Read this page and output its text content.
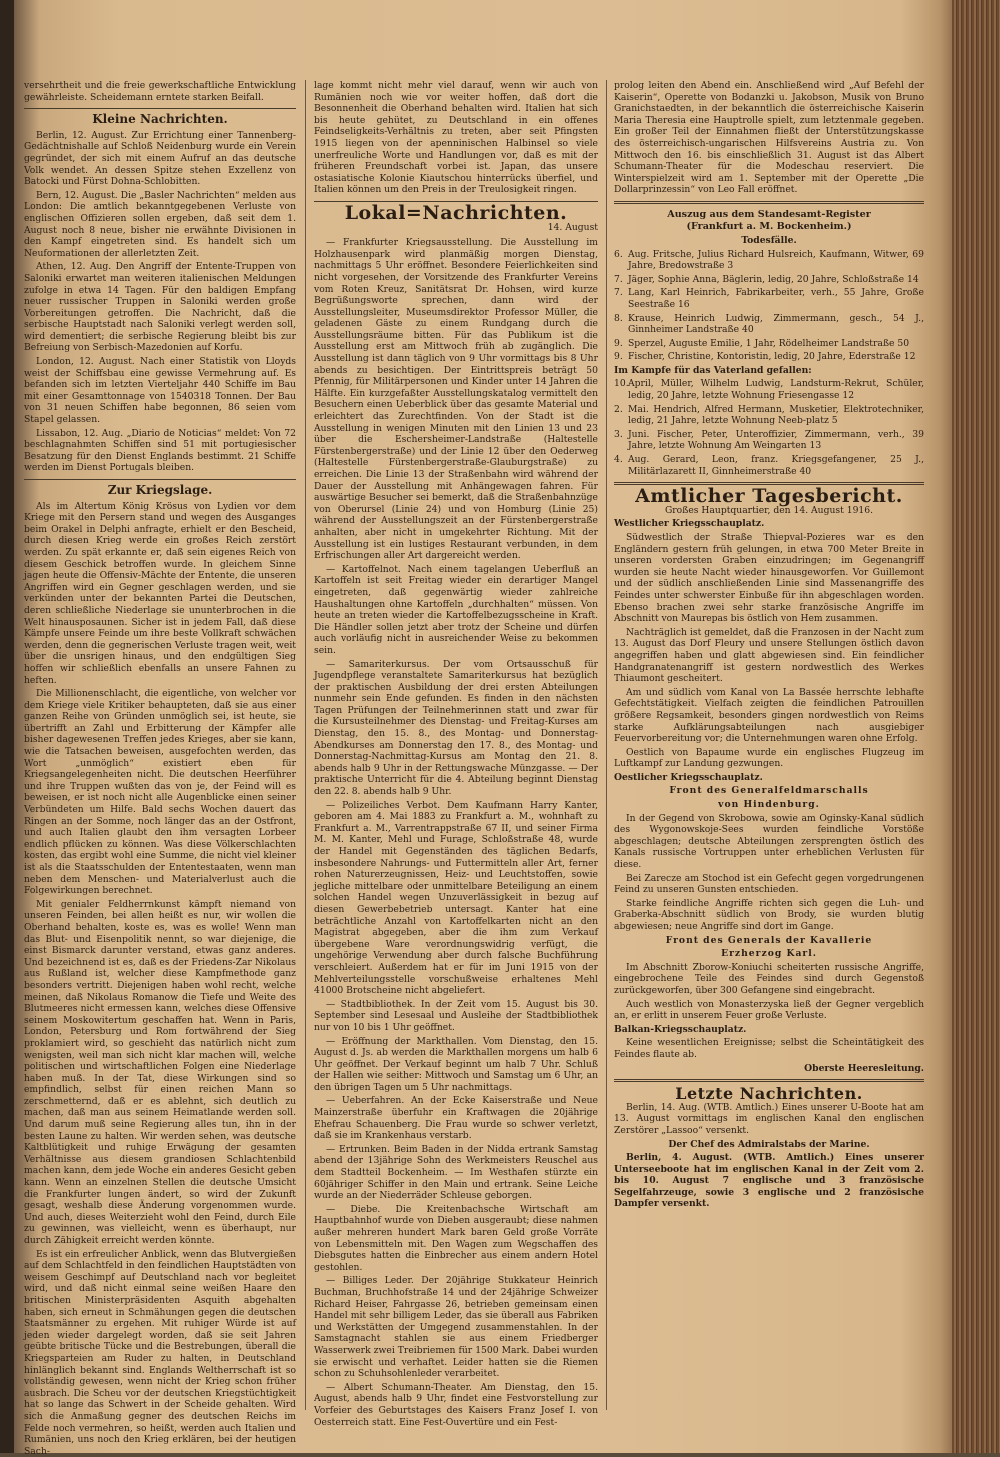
versehrtheit und die freie gewerkschaftliche Entwicklung gewährleiste. Scheidemann erntete starken Beifall.

Kleine Nachrichten.

Berlin, 12. August. Zur Errichtung einer Tannenberg-Gedächtnishalle auf Schloß Neidenburg wurde ein Verein gegründet, der sich mit einem Aufruf an das deutsche Volk wendet. An dessen Spitze stehen Exzellenz von Batocki und Fürst Dohna-Schlobitten.

Bern, 12. August. Die „Basler Nachrichten“ melden aus London: Die amtlich bekanntgegebenen Verluste von englischen Offizieren sollen ergeben, daß seit dem 1. August noch 8 neue, bisher nie erwähnte Divisionen in den Kampf eingetreten sind. Es handelt sich um Neuformationen der allerletzten Zeit.

Athen, 12. Aug. Den Angriff der Entente-Truppen von Saloniki erwartet man weiteren italienischen Meldungen zufolge in etwa 14 Tagen. Für den baldigen Empfang neuer russischer Truppen in Saloniki werden große Vorbereitungen getroffen. Die Nachricht, daß die serbische Hauptstadt nach Saloniki verlegt werden soll, wird dementiert; die serbische Regierung bleibt bis zur Befreiung von Serbisch-Mazedonien auf Korfu.

London, 12. August. Nach einer Statistik von Lloyds weist der Schiffsbau eine gewisse Vermehrung auf. Es befanden sich im letzten Vierteljahr 440 Schiffe im Bau mit einer Gesamttonnage von 1540318 Tonnen. Der Bau von 31 neuen Schiffen habe begonnen, 86 seien vom Stapel gelassen.

Lissabon, 12. Aug. „Diario de Noticias“ meldet: Von 72 beschlagnahmten Schiffen sind 51 mit portugiesischer Besatzung für den Dienst Englands bestimmt. 21 Schiffe werden im Dienst Portugals bleiben.

Zur Kriegslage.

Als im Altertum König Krösus von Lydien vor dem Kriege mit den Persern stand und wegen des Ausganges beim Orakel in Delphi anfragte, erhielt er den Bescheid, durch diesen Krieg werde ein großes Reich zerstört werden. Zu spät erkannte er, daß sein eigenes Reich von diesem Geschick betroffen wurde. In gleichem Sinne jagen heute die Offensiv-Mächte der Entente, die unseren Angriffen wird ein Gegner geschlagen werden, und sie verkünden unter der bekannten Partei die Deutschen, deren schließliche Niederlage sie ununterbrochen in die Welt hinausposaunen. Sicher ist in jedem Fall, daß diese Kämpfe unsere Feinde um ihre beste Vollkraft schwächen werden, denn die gegnerischen Verluste tragen weit, weit über die unsrigen hinaus, und den endgültigen Sieg hoffen wir schließlich ebenfalls an unsere Fahnen zu heften.

Die Millionenschlacht, die eigentliche, von welcher vor dem Kriege viele Kritiker behaupteten, daß sie aus einer ganzen Reihe von Gründen unmöglich sei, ist heute, sie übertrifft an Zahl und Erbitterung der Kämpfer alle bisher dagewesenen Treffen jedes Krieges, aber sie kann, wie die Tatsachen beweisen, ausgefochten werden, das Wort „unmöglich“ existiert eben für Kriegsangelegenheiten nicht. Die deutschen Heerführer und ihre Truppen wußten das von je, der Feind will es beweisen, er ist noch nicht alle Augenblicke einen seiner Verbündeten um Hilfe. Bald sechs Wochen dauert das Ringen an der Somme, noch länger das an der Ostfront, und auch Italien glaubt den ihm versagten Lorbeer endlich pflücken zu können. Was diese Völkerschlachten kosten, das ergibt wohl eine Summe, die nicht viel kleiner ist als die Staatsschulden der Ententestaaten, wenn man neben dem Menschen- und Materialverlust auch die Folgewirkungen berechnet.

Mit genialer Feldherrnkunst kämpft niemand von unseren Feinden, bei allen heißt es nur, wir wollen die Oberhand behalten, koste es, was es wolle! Wenn man das Blut- und Eisenpolitik nennt, so war diejenige, die einst Bismarck darunter verstand, etwas ganz anderes. Und bezeichnend ist es, daß es der Friedens-Zar Nikolaus aus Rußland ist, welcher diese Kampfmethode ganz besonders vertritt. Diejenigen haben wohl recht, welche meinen, daß Nikolaus Romanow die Tiefe und Weite des Blutmeeres nicht ermessen kann, welches diese Offensive seinem Moskowitertum geschaffen hat. Wenn in Paris, London, Petersburg und Rom fortwährend der Sieg proklamiert wird, so geschieht das natürlich nicht zum wenigsten, weil man sich nicht klar machen will, welche politischen und wirtschaftlichen Folgen eine Niederlage haben muß. In der Tat, diese Wirkungen sind so empfindlich, selbst für einen reichen Mann so zerschmetternd, daß er es ablehnt, sich deutlich zu machen, daß man aus seinem Heimatlande werden soll. Und darum muß seine Regierung alles tun, ihn in der besten Laune zu halten. Wir werden sehen, was deutsche Kaltblütigkeit und ruhige Erwägung der gesamten Verhältnisse aus diesem grandiosen Schlachtenbild machen kann, dem jede Woche ein anderes Gesicht geben kann. Wenn an einzelnen Stellen die deutsche Umsicht die Frankfurter lungen ändert, so wird der Zukunft gesagt, weshalb diese Änderung vorgenommen wurde. Und auch, dieses Weiterzieht wohl den Feind, durch Eile zu gewinnen, was vielleicht, wenn es überhaupt, nur durch Zähigkeit erreicht werden könnte.

Es ist ein erfreulicher Anblick, wenn das Blutvergießen auf dem Schlachtfeld in den feindlichen Hauptstädten von weisem Geschimpf auf Deutschland nach vor begleitet wird, und daß nicht einmal seine weißen Haare den britischen Ministerpräsidenten Asquith abgehalten haben, sich erneut in Schmähungen gegen die deutschen Staatsmänner zu ergehen. Mit ruhiger Würde ist auf jeden wieder dargelegt worden, daß sie seit Jahren geübte britische Tücke und die Bestrebungen, überall die Kriegsparteien am Ruder zu halten, in Deutschland hinlänglich bekannt sind. Englands Weltherrschaft ist so vollständig gewesen, wenn nicht der Krieg schon früher ausbrach. Die Scheu vor der deutschen Kriegstüchtigkeit hat so lange das Schwert in der Scheide gehalten. Wird sich die Anmaßung gegner des deutschen Reichs im Felde noch vermehren, so heißt, werden auch Italien und Rumänien, uns noch den Krieg erklären, bei der heutigen Sach-

lage kommt nicht mehr viel darauf, wenn wir auch von Rumänien noch wie vor weiter hoffen, daß dort die Besonnenheit die Oberhand behalten wird. Italien hat sich bis heute gehütet, zu Deutschland in ein offenes Feindseligkeits-Verhältnis zu treten, aber seit Pfingsten 1915 liegen von der apenninischen Halbinsel so viele unerfreuliche Worte und Handlungen vor, daß es mit der früheren Freundschaft vorbei ist. Japan, das unsere ostasiatische Kolonie Kiautschou hinterrücks überfiel, und Italien können um den Preis in der Treulosigkeit ringen.

Lokal=Nachrichten.
14. August

— Frankfurter Kriegsausstellung. Die Ausstellung im Holzhausenpark wird planmäßig morgen Dienstag, nachmittags 5 Uhr eröffnet. Besondere Feierlichkeiten sind nicht vorgesehen, der Vorsitzende des Frankfurter Vereins vom Roten Kreuz, Sanitätsrat Dr. Hohsen, wird kurze Begrüßungsworte sprechen, dann wird der Ausstellungsleiter, Museumsdirektor Professor Müller, die geladenen Gäste zu einem Rundgang durch die Ausstellungsräume bitten. Für das Publikum ist die Ausstellung erst am Mittwoch früh ab zugänglich. Die Ausstellung ist dann täglich von 9 Uhr vormittags bis 8 Uhr abends zu besichtigen. Der Eintrittspreis beträgt 50 Pfennig, für Militärpersonen und Kinder unter 14 Jahren die Hälfte. Ein kurzgefaßter Ausstellungskatalog vermittelt den Besuchern einen Ueberblick über das gesamte Material und erleichtert das Zurechtfinden. Von der Stadt ist die Ausstellung in wenigen Minuten mit den Linien 13 und 23 über die Eschersheimer-Landstraße (Haltestelle Fürstenbergerstraße) und der Linie 12 über den Oederweg (Haltestelle Fürstenbergerstraße-Glauburgstraße) zu erreichen. Die Linie 13 der Straßenbahn wird während der Dauer der Ausstellung mit Anhängewagen fahren. Für auswärtige Besucher sei bemerkt, daß die Straßenbahnzüge von Oberursel (Linie 24) und von Homburg (Linie 25) während der Ausstellungszeit an der Fürstenbergerstraße anhalten, aber nicht in umgekehrter Richtung. Mit der Ausstellung ist ein lustiges Restaurant verbunden, in dem Erfrischungen aller Art dargereicht werden.

— Kartoffelnot. Nach einem tagelangen Ueberfluß an Kartoffeln ist seit Freitag wieder ein derartiger Mangel eingetreten, daß gegenwärtig wieder zahlreiche Haushaltungen ohne Kartoffeln „durchhalten“ müssen. Von heute an treten wieder die Kartoffelbezugsscheine in Kraft. Die Händler sollen jetzt aber trotz der Scheine und dürfen auch vorläufig nicht in ausreichender Weise zu bekommen sein.

— Samariterkursus. Der vom Ortsausschuß für Jugendpflege veranstaltete Samariterkursus hat bezüglich der praktischen Ausbildung der drei ersten Abteilungen nunmehr sein Ende gefunden. Es finden in den nächsten Tagen Prüfungen der Teilnehmerinnen statt und zwar für die Kursusteilnehmer des Dienstag- und Freitag-Kurses am Dienstag, den 15. 8., des Montag- und Donnerstag-Abendkurses am Donnerstag den 17. 8., des Montag- und Donnerstag-Nachmittag-Kursus am Montag den 21. 8. abends halb 9 Uhr in der Rettungswache Münzgasse. — Der praktische Unterricht für die 4. Abteilung beginnt Dienstag den 22. 8. abends halb 9 Uhr.

— Polizeiliches Verbot. Dem Kaufmann Harry Kanter, geboren am 4. Mai 1883 zu Frankfurt a. M., wohnhaft zu Frankfurt a. M., Varrentrappstraße 67 II, und seiner Firma M. M. Kanter, Mehl und Furage, Schloßstraße 48, wurde der Handel mit Gegenständen des täglichen Bedarfs, insbesondere Nahrungs- und Futtermitteln aller Art, ferner rohen Naturerzeugnissen, Heiz- und Leuchtstoffen, sowie jegliche mittelbare oder unmittelbare Beteiligung an einem solchen Handel wegen Unzuverlässigkeit in bezug auf diesen Gewerbebetrieb untersagt. Kanter hat eine beträchtliche Anzahl von Kartoffelkarten nicht an den Magistrat abgegeben, aber die ihm zum Verkauf übergebene Ware verordnungswidrig verfügt, die ungehörige Verwendung aber durch falsche Buchführung verschleiert. Außerdem hat er für im Juni 1915 von der Mehlverteilungsstelle vorschußweise erhaltenes Mehl 41000 Brotscheine nicht abgeliefert.

— Stadtbibliothek. In der Zeit vom 15. August bis 30. September sind Lesesaal und Ausleihe der Stadtbibliothek nur von 10 bis 1 Uhr geöffnet.

— Eröffnung der Markthallen. Vom Dienstag, den 15. August d. Js. ab werden die Markthallen morgens um halb 6 Uhr geöffnet. Der Verkauf beginnt um halb 7 Uhr. Schluß der Hallen wie seither: Mittwoch und Samstag um 6 Uhr, an den übrigen Tagen um 5 Uhr nachmittags.

— Ueberfahren. An der Ecke Kaiserstraße und Neue Mainzerstraße überfuhr ein Kraftwagen die 20jährige Ehefrau Schauenberg. Die Frau wurde so schwer verletzt, daß sie im Krankenhaus verstarb.

— Ertrunken. Beim Baden in der Nidda ertrank Samstag abend der 13jährige Sohn des Werkmeisters Reuschel aus dem Stadtteil Bockenheim. — Im Westhafen stürzte ein 60jähriger Schiffer in den Main und ertrank. Seine Leiche wurde an der Niederräder Schleuse geborgen.

— Diebe. Die Kreitenbachsche Wirtschaft am Hauptbahnhof wurde von Dieben ausgeraubt; diese nahmen außer mehreren hundert Mark baren Geld große Vorräte von Lebensmitteln mit. Den Wagen zum Wegschaffen des Diebsgutes hatten die Einbrecher aus einem andern Hotel gestohlen.

— Billiges Leder. Der 20jährige Stukkateur Heinrich Buchman, Bruchhofstraße 14 und der 24jährige Schweizer Richard Heiser, Fahrgasse 26, betrieben gemeinsam einen Handel mit sehr billigem Leder, das sie überall aus Fabriken und Werkstätten der Umgegend zusammenstahlen. In der Samstagnacht stahlen sie aus einem Friedberger Wasserwerk zwei Treibriemen für 1500 Mark. Dabei wurden sie erwischt und verhaftet. Leider hatten sie die Riemen schon zu Schuhsohlenleder verarbeitet.

— Albert Schumann-Theater. Am Dienstag, den 15. August, abends halb 9 Uhr, findet eine Festvorstellung zur Vorfeier des Geburtstages des Kaisers Franz Josef I. von Oesterreich statt. Eine Fest-Ouvertüre und ein Fest-

prolog leiten den Abend ein. Anschließend wird „Auf Befehl der Kaiserin“, Operette von Bodanzki u. Jakobson, Musik von Bruno Granichstaedten, in der bekanntlich die österreichische Kaiserin Maria Theresia eine Hauptrolle spielt, zum letztenmale gegeben. Ein großer Teil der Einnahmen fließt der Unterstützungskasse des österreichisch-ungarischen Hilfsvereins Austria zu. Von Mittwoch den 16. bis einschließlich 31. August ist das Albert Schumann-Theater für die Modeschau reserviert. Die Winterspielzeit wird am 1. September mit der Operette „Die Dollarprinzessin“ von Leo Fall eröffnet.

Auszug aus dem Standesamt-Register
(Frankfurt a. M. Bockenheim.)
Todesfälle.

6. Aug. Fritsche, Julius Richard Hulsreich, Kaufmann, Witwer, 69 Jahre, Bredowstraße 3

7. Jäger, Sophie Anna, Bäglerin, ledig, 20 Jahre, Schloßstraße 14

7. Lang, Karl Heinrich, Fabrikarbeiter, verh., 55 Jahre, Große Seestraße 16

8. Krause, Heinrich Ludwig, Zimmermann, gesch., 54 J., Ginnheimer Landstraße 40

9. Sperzel, Auguste Emilie, 1 Jahr, Rödelheimer Landstraße 50

9. Fischer, Christine, Kontoristin, ledig, 20 Jahre, Ederstraße 12

Im Kampfe für das Vaterland gefallen:

10. April, Müller, Wilhelm Ludwig, Landsturm-Rekrut, Schüler, ledig, 20 Jahre, letzte Wohnung Friesengasse 12

2. Mai. Hendrich, Alfred Hermann, Musketier, Elektrotechniker, ledig, 21 Jahre, letzte Wohnung Neeb-platz 5

3. Juni. Fischer, Peter, Unteroffizier, Zimmermann, verh., 39 Jahre, letzte Wohnung Am Weingarten 13

4. Aug. Gerard, Leon, franz. Kriegsgefangener, 25 J., Militärlazarett II, Ginnheimerstraße 40

Amtlicher Tagesbericht.

Großes Hauptquartier, den 14. August 1916.

Westlicher Kriegsschauplatz.

Südwestlich der Straße Thiepval-Pozieres war es den Engländern gestern früh gelungen, in etwa 700 Meter Breite in unseren vordersten Graben einzudringen; im Gegenangriff wurden sie heute Nacht wieder hinausgeworfen. Vor Guillemont und der südlich anschließenden Linie sind Massenangriffe des Feindes unter schwerster Einbuße für ihn abgeschlagen worden. Ebenso brachen zwei sehr starke französische Angriffe im Abschnitt von Maurepas bis östlich von Hem zusammen.

Nachträglich ist gemeldet, daß die Franzosen in der Nacht zum 13. August das Dorf Fleury und unsere Stellungen östlich davon angegriffen haben und glatt abgewiesen sind. Ein feindlicher Handgranatenangriff ist gestern nordwestlich des Werkes Thiaumont gescheitert.

Am und südlich vom Kanal von La Bassée herrschte lebhafte Gefechtstätigkeit. Vielfach zeigten die feindlichen Patrouillen größere Regsamkeit, besonders gingen nordwestlich von Reims starke Aufklärungsabteilungen nach ausgiebiger Feuervorbereitung vor; die Unternehmungen waren ohne Erfolg.

Oestlich von Bapaume wurde ein englisches Flugzeug im Luftkampf zur Landung gezwungen.

Oestlicher Kriegsschauplatz.

Front des Generalfeldmarschalls
von Hindenburg.

In der Gegend von Skrobowa, sowie am Oginsky-Kanal südlich des Wygonowskoje-Sees wurden feindliche Vorstöße abgeschlagen; deutsche Abteilungen zersprengten östlich des Kanals russische Vortruppen unter erheblichen Verlusten für diese.

Bei Zarecze am Stochod ist ein Gefecht gegen vorgedrungenen Feind zu unseren Gunsten entschieden.

Starke feindliche Angriffe richten sich gegen die Luh- und Graberka-Abschnitt südlich von Brody, sie wurden blutig abgewiesen; neue Angriffe sind dort im Gange.

Front des Generals der Kavallerie
Erzherzog Karl.

Im Abschnitt Zborow-Koniuchi scheiterten russische Angriffe, eingebrochene Teile des Feindes sind durch Gegenstoß zurückgeworfen, über 300 Gefangene sind eingebracht.

Auch westlich von Monasterzyska ließ der Gegner vergeblich an, er erlitt in unserem Feuer große Verluste.

Balkan-Kriegsschauplatz.

Keine wesentlichen Ereignisse; selbst die Scheintätigkeit des Feindes flaute ab.

Oberste Heeresleitung.
Letzte Nachrichten.

Berlin, 14. Aug. (WTB. Amtlich.) Eines unserer U-Boote hat am 13. August vormittags im englischen Kanal den englischen Zerstörer „Lassoo“ versenkt.

Der Chef des Admiralstabs der Marine.

Berlin, 4. August. (WTB. Amtlich.) Eines unserer Unterseeboote hat im englischen Kanal in der Zeit vom 2. bis 10. August 7 englische und 3 französische Segelfahrzeuge, sowie 3 englische und 2 französische Dampfer versenkt.
